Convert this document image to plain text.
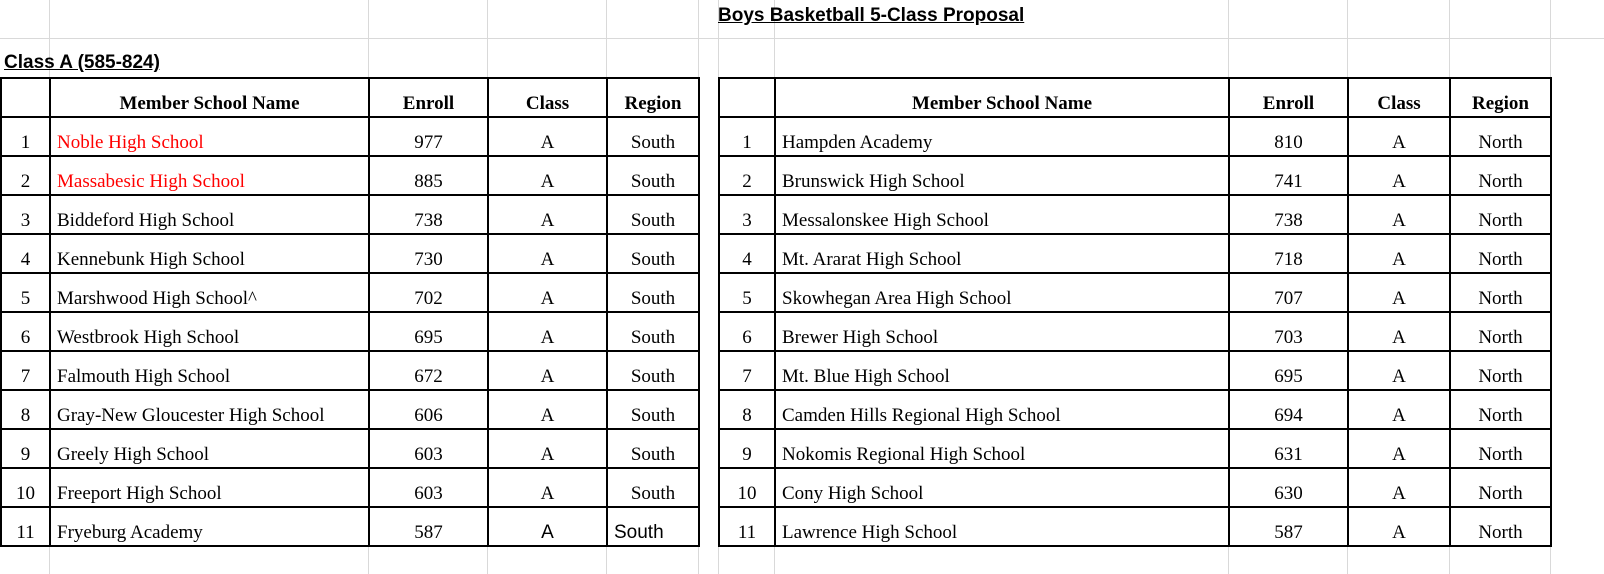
Boys Basketball 5-Class Proposal
Class A (585-824)
	Member School Name	Enroll	Class	Region
1	Noble High School	977	A	South
2	Massabesic High School	885	A	South
3	Biddeford High School	738	A	South
4	Kennebunk High School	730	A	South
5	Marshwood High School^	702	A	South
6	Westbrook High School	695	A	South
7	Falmouth High School	672	A	South
8	Gray-New Gloucester High School	606	A	South
9	Greely High School	603	A	South
10	Freeport High School	603	A	South
11	Fryeburg Academy	587	A	South
	Member School Name	Enroll	Class	Region
1	Hampden Academy	810	A	North
2	Brunswick High School	741	A	North
3	Messalonskee High School	738	A	North
4	Mt. Ararat High School	718	A	North
5	Skowhegan Area High School	707	A	North
6	Brewer High School	703	A	North
7	Mt. Blue High School	695	A	North
8	Camden Hills Regional High School	694	A	North
9	Nokomis Regional High School	631	A	North
10	Cony High School	630	A	North
11	Lawrence High School	587	A	North
